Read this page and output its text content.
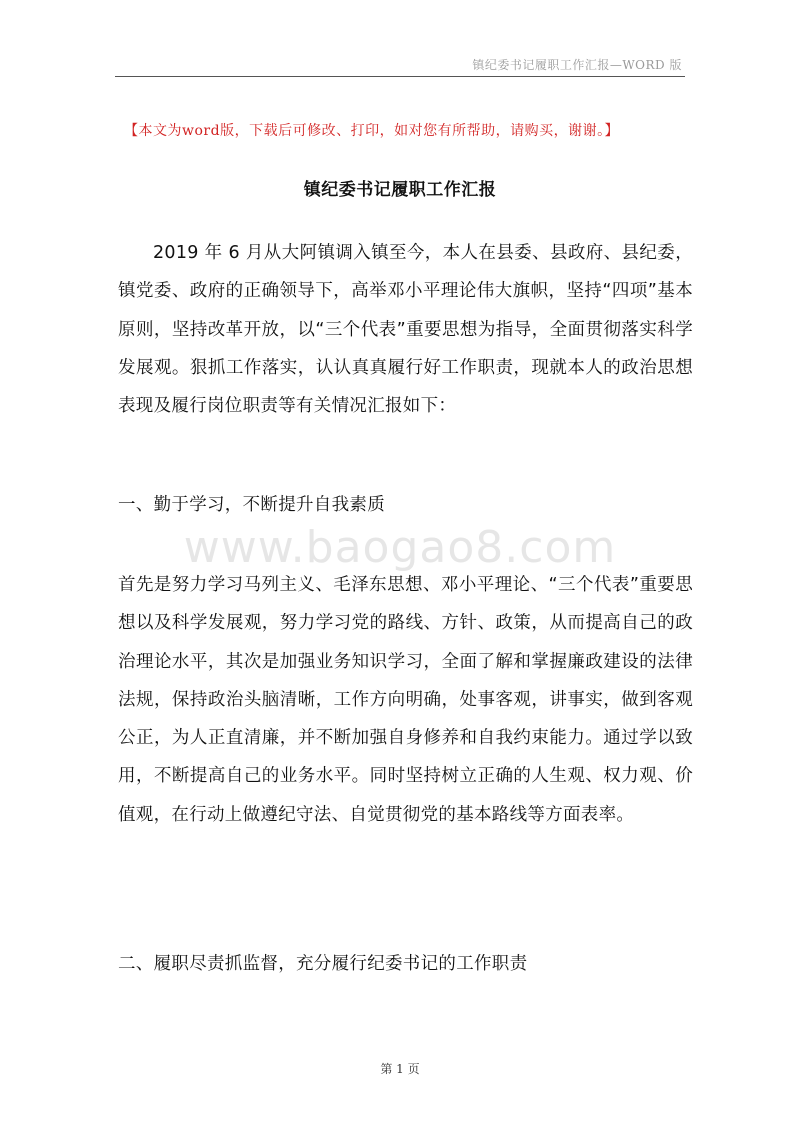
镇纪委书记履职工作汇报—WORD 版
【本文为word版，下载后可修改、打印，如对您有所帮助，请购买，谢谢。】
镇纪委书记履职工作汇报

2019 年 6 月从大阿镇调入镇至今，本人在县委、县政府、县纪委，镇党委、政府的正确领导下，高举邓小平理论伟大旗帜，坚持“四项”基本原则，坚持改革开放，以“三个代表”重要思想为指导，全面贯彻落实科学发展观。狠抓工作落实，认认真真履行好工作职责，现就本人的政治思想表现及履行岗位职责等有关情况汇报如下：

一、勤于学习，不断提升自我素质

www.baogao8.com

首先是努力学习马列主义、毛泽东思想、邓小平理论、“三个代表”重要思想以及科学发展观，努力学习党的路线、方针、政策，从而提高自己的政治理论水平，其次是加强业务知识学习，全面了解和掌握廉政建设的法律法规，保持政治头脑清晰，工作方向明确，处事客观，讲事实，做到客观公正，为人正直清廉，并不断加强自身修养和自我约束能力。通过学以致用，不断提高自己的业务水平。同时坚持树立正确的人生观、权力观、价值观，在行动上做遵纪守法、自觉贯彻党的基本路线等方面表率。

二、履职尽责抓监督，充分履行纪委书记的工作职责

第 1 页
